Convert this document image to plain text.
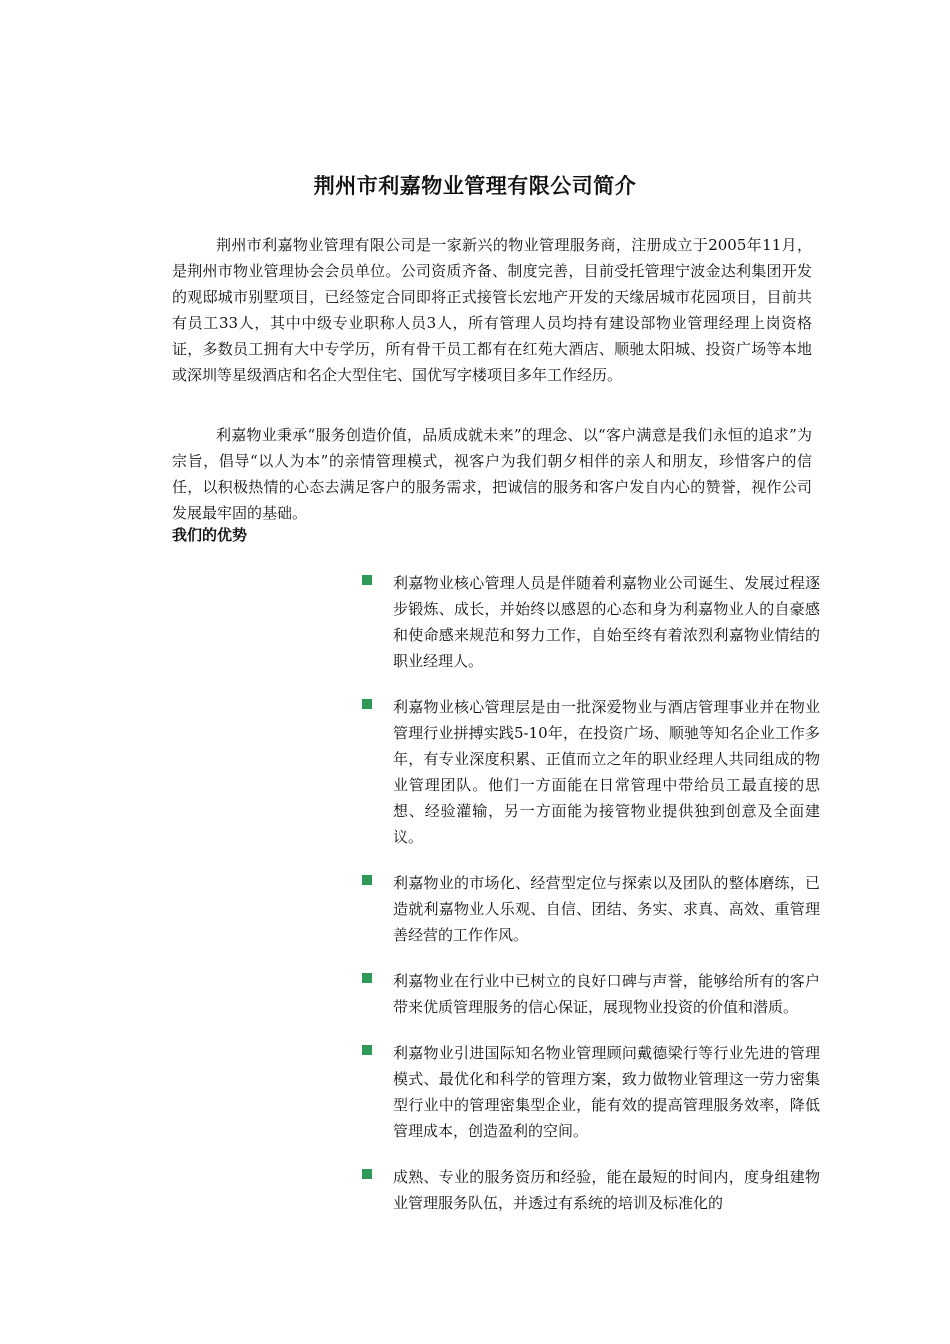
荆州市利嘉物业管理有限公司简介

荆州市利嘉物业管理有限公司是一家新兴的物业管理服务商，注册成立于2005年11月，是荆州市物业管理协会会员单位。公司资质齐备、制度完善，目前受托管理宁波金达利集团开发的观邸城市别墅项目，已经签定合同即将正式接管长宏地产开发的天缘居城市花园项目，目前共有员工33人，其中中级专业职称人员3人，所有管理人员均持有建设部物业管理经理上岗资格证，多数员工拥有大中专学历，所有骨干员工都有在红苑大酒店、顺驰太阳城、投资广场等本地或深圳等星级酒店和名企大型住宅、国优写字楼项目多年工作经历。

利嘉物业秉承“服务创造价值，品质成就未来”的理念、以“客户满意是我们永恒的追求”为宗旨，倡导“以人为本”的亲情管理模式，视客户为我们朝夕相伴的亲人和朋友，珍惜客户的信任，以积极热情的心态去满足客户的服务需求，把诚信的服务和客户发自内心的赞誉，视作公司发展最牢固的基础。

我们的优势
利嘉物业核心管理人员是伴随着利嘉物业公司诞生、发展过程逐步锻炼、成长，并始终以感恩的心态和身为利嘉物业人的自豪感和使命感来规范和努力工作，自始至终有着浓烈利嘉物业情结的职业经理人。
利嘉物业核心管理层是由一批深爱物业与酒店管理事业并在物业管理行业拼搏实践5-10年，在投资广场、顺驰等知名企业工作多年，有专业深度积累、正值而立之年的职业经理人共同组成的物业管理团队。他们一方面能在日常管理中带给员工最直接的思想、经验灌输，另一方面能为接管物业提供独到创意及全面建议。
利嘉物业的市场化、经营型定位与探索以及团队的整体磨练，已造就利嘉物业人乐观、自信、团结、务实、求真、高效、重管理善经营的工作作风。
利嘉物业在行业中已树立的良好口碑与声誉，能够给所有的客户带来优质管理服务的信心保证，展现物业投资的价值和潜质。
利嘉物业引进国际知名物业管理顾问戴德梁行等行业先进的管理模式、最优化和科学的管理方案，致力做物业管理这一劳力密集型行业中的管理密集型企业，能有效的提高管理服务效率，降低管理成本，创造盈利的空间。
成熟、专业的服务资历和经验，能在最短的时间内，度身组建物业管理服务队伍，并透过有系统的培训及标准化的
